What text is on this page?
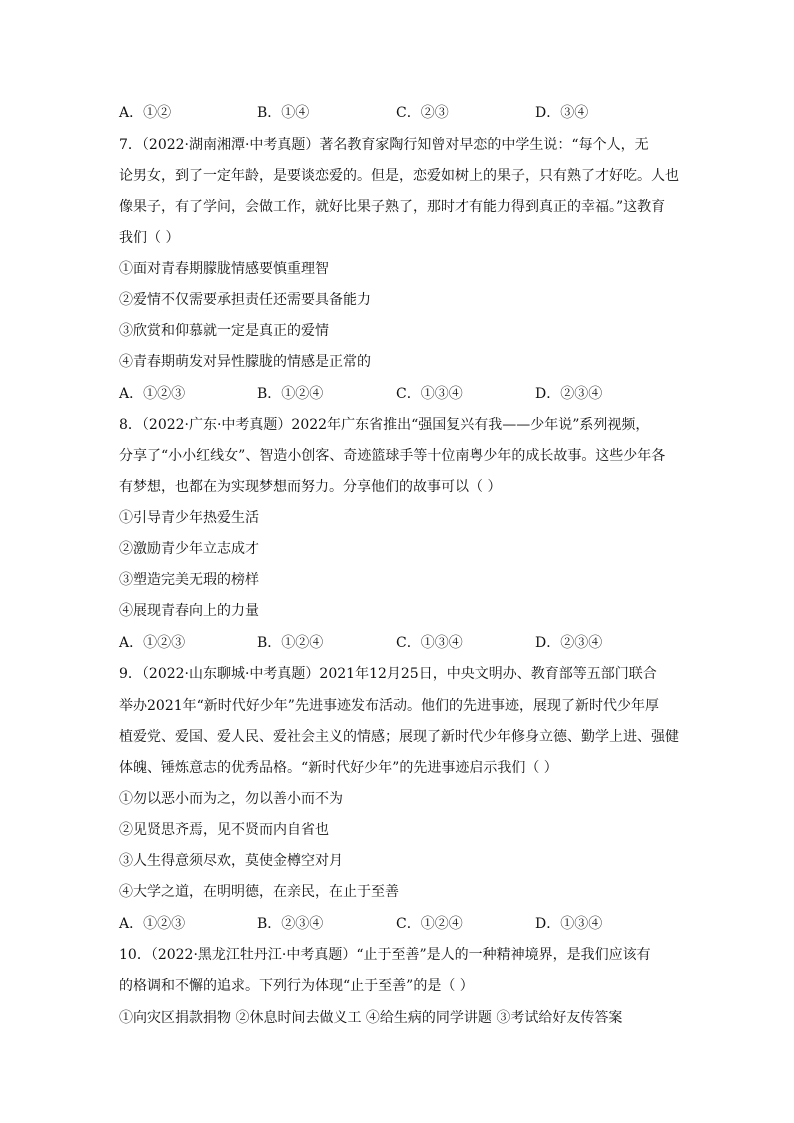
A．①②	B．①④	C．②③	D．③④
7．（2022·湖南湘潭·中考真题）著名教育家陶行知曾对早恋的中学生说：“每个人，无
论男女，到了一定年龄，是要谈恋爱的。但是，恋爱如树上的果子，只有熟了才好吃。人也
像果子，有了学问，会做工作，就好比果子熟了，那时才有能力得到真正的幸福。”这教育
我们（ ）
①面对青春期朦胧情感要慎重理智
②爱情不仅需要承担责任还需要具备能力
③欣赏和仰慕就一定是真正的爱情
④青春期萌发对异性朦胧的情感是正常的
A．①②③	B．①②④	C．①③④	D．②③④
8．（2022·广东·中考真题）2022年广东省推出“强国复兴有我——少年说”系列视频，
分享了“小小红线女”、智造小创客、奇迹篮球手等十位南粤少年的成长故事。这些少年各
有梦想，也都在为实现梦想而努力。分享他们的故事可以（ ）
①引导青少年热爱生活
②激励青少年立志成才
③塑造完美无瑕的榜样
④展现青春向上的力量
A．①②③	B．①②④	C．①③④	D．②③④
9．（2022·山东聊城·中考真题）2021年12月25日，中央文明办、教育部等五部门联合
举办2021年“新时代好少年”先进事迹发布活动。他们的先进事迹，展现了新时代少年厚
植爱党、爱国、爱人民、爱社会主义的情感；展现了新时代少年修身立德、勤学上进、强健
体魄、锤炼意志的优秀品格。“新时代好少年”的先进事迹启示我们（ ）
①勿以恶小而为之，勿以善小而不为
②见贤思齐焉，见不贤而内自省也
③人生得意须尽欢，莫使金樽空对月
④大学之道，在明明德，在亲民，在止于至善
A．①②③	B．②③④	C．①②④	D．①③④
10．（2022·黑龙江牡丹江·中考真题）“止于至善”是人的一种精神境界，是我们应该有
的格调和不懈的追求。下列行为体现“止于至善”的是（ ）
①向灾区捐款捐物 ②休息时间去做义工 ④给生病的同学讲题 ③考试给好友传答案
